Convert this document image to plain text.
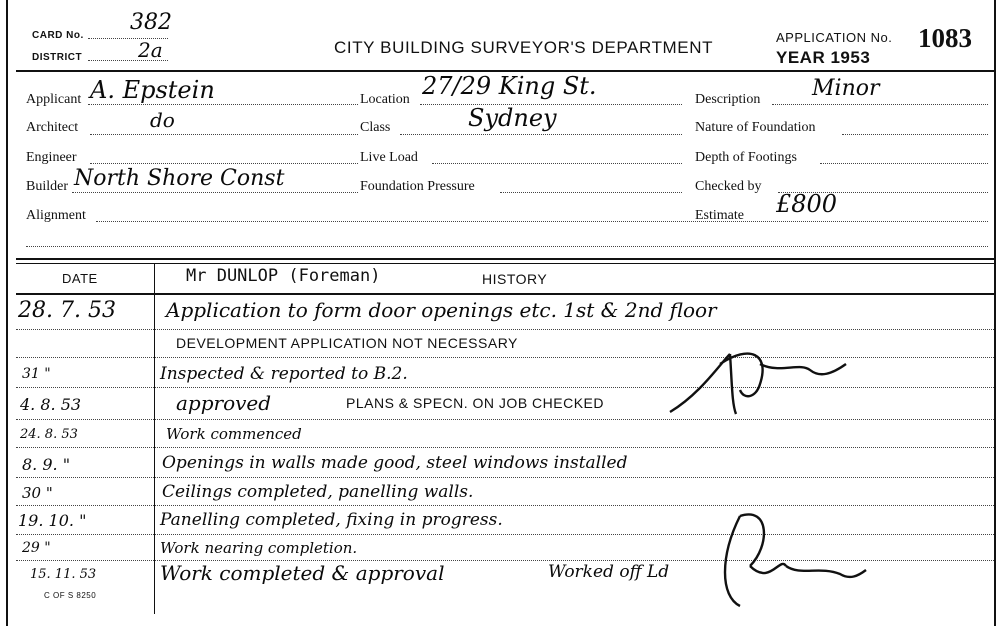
CARD No.
382
DISTRICT	2a	CITY BUILDING SURVEYOR'S DEPARTMENT
APPLICATION No. 1083
YEAR 1953
Applicant A. Epstein
Architect	do
Engineer
Builder North Shore Const
Alignment
Location 27/29 King St.
Class	Sydney
Live Load
Foundation Pressure
Description Minor
Nature of Foundation
Depth of Footings
Checked by
Estimate £800
DATE	Mr DUNLOP (Foreman)	HISTORY
28. 7. 53	Application to form door openings etc. 1st & 2nd floor
DEVELOPMENT APPLICATION NOT NECESSARY
31 "	Inspected & reported to B.2.
4. 8. 53	approved	PLANS & SPECN. ON JOB CHECKED
24. 8. 53	Work commenced
8. 9. "	Openings in walls made good, steel windows installed
30 "	Ceilings completed, panelling walls.
19. 10. "	Panelling completed, fixing in progress.
29 "	Work nearing completion.
15. 11. 53	Work completed & approval	Worked off Ld
C OF S 8250
